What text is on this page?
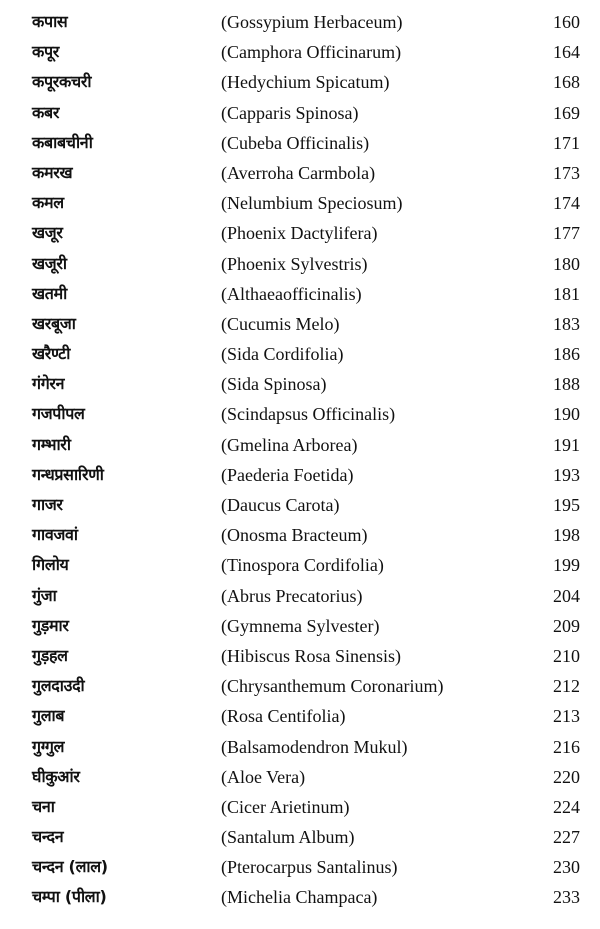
कपास	(Gossypium Herbaceum)	160
कपूर	(Camphora Officinarum)	164
कपूरकचरी	(Hedychium Spicatum)	168
कबर	(Capparis Spinosa)	169
कबाबचीनी	(Cubeba Officinalis)	171
कमरख	(Averroha Carmbola)	173
कमल	(Nelumbium Speciosum)	174
खजूर	(Phoenix Dactylifera)	177
खजूरी	(Phoenix Sylvestris)	180
खतमी	(Althaeaofficinalis)	181
खरबूजा	(Cucumis Melo)	183
खरैण्टी	(Sida Cordifolia)	186
गंगेरन	(Sida Spinosa)	188
गजपीपल	(Scindapsus Officinalis)	190
गम्भारी	(Gmelina Arborea)	191
गन्धप्रसारिणी	(Paederia Foetida)	193
गाजर	(Daucus Carota)	195
गावजवां	(Onosma Bracteum)	198
गिलोय	(Tinospora Cordifolia)	199
गुंजा	(Abrus Precatorius)	204
गुड़मार	(Gymnema Sylvester)	209
गुड़हल	(Hibiscus Rosa Sinensis)	210
गुलदाउदी	(Chrysanthemum Coronarium)	212
गुलाब	(Rosa Centifolia)	213
गुग्गुल	(Balsamodendron Mukul)	216
घीकुआंर	(Aloe Vera)	220
चना	(Cicer Arietinum)	224
चन्दन	(Santalum Album)	227
चन्दन (लाल)	(Pterocarpus Santalinus)	230
चम्पा (पीला)	(Michelia Champaca)	233
